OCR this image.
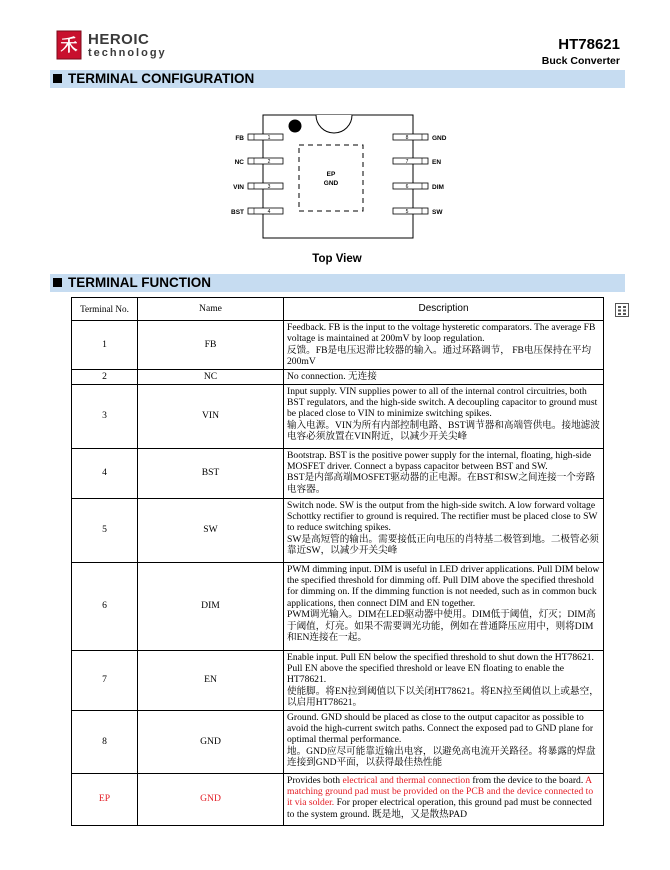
禾 HEROIC
technology	HT78621
Buck Converter
TERMINAL CONFIGURATION
EP
GND
1
FB
2
NC
3
VIN
4
BST
8	GND
7	EN
6	DIM
5	SW
Top View
TERMINAL FUNCTION
Terminal No.	Name	Description
1	FB	Feedback. FB is the input to the voltage hysteretic comparators. The average FB voltage is maintained at 200mV by loop regulation.
反馈。FB是电压迟滞比较器的输入。通过环路调节， FB电压保持在平均200mV
2	NC	No connection. 无连接
3	VIN	Input supply. VIN supplies power to all of the internal control circuitries, both BST regulators, and the high-side switch. A decoupling capacitor to ground must be placed close to VIN to minimize switching spikes.
输入电源。VIN为所有内部控制电路、BST调节器和高端管供电。接地滤波电容必须放置在VIN附近，以减少开关尖峰
4	BST	Bootstrap. BST is the positive power supply for the internal, floating, high-side MOSFET driver. Connect a bypass capacitor between BST and SW.
BST是内部高端MOSFET驱动器的正电源。在BST和SW之间连接一个旁路电容器。
5	SW	Switch node. SW is the output from the high-side switch. A low forward voltage Schottky rectifier to ground is required. The rectifier must be placed close to SW to reduce switching spikes.
SW是高短管的输出。需要接低正向电压的肖特基二极管到地。二极管必须靠近SW，以减少开关尖峰
6	DIM	PWM dimming input. DIM is useful in LED driver applications. Pull DIM below the specified threshold for dimming off. Pull DIM above the specified threshold for dimming on. If the dimming function is not needed, such as in common buck applications, then connect DIM and EN together.
PWM调光输入。DIM在LED驱动器中使用。DIM低于阈值，灯灭；DIM高于阈值，灯亮。如果不需要调光功能，例如在普通降压应用中，则将DIM和EN连接在一起。
7	EN	Enable input. Pull EN below the specified threshold to shut down the HT78621. Pull EN above the specified threshold or leave EN floating to enable the HT78621.
使能脚。将EN拉到阈值以下以关闭HT78621。将EN拉至阈值以上或悬空，以启用HT78621。
8	GND	Ground. GND should be placed as close to the output capacitor as possible to avoid the high-current switch paths. Connect the exposed pad to GND plane for optimal thermal performance.
地。GND应尽可能靠近输出电容，以避免高电流开关路径。将暴露的焊盘连接到GND平面，以获得最佳热性能
EP	GND	Provides both electrical and thermal connection from the device to the board. A matching ground pad must be provided on the PCB and the device connected to it via solder. For proper electrical operation, this ground pad must be connected to the system ground. 既是地，又是散热PAD
